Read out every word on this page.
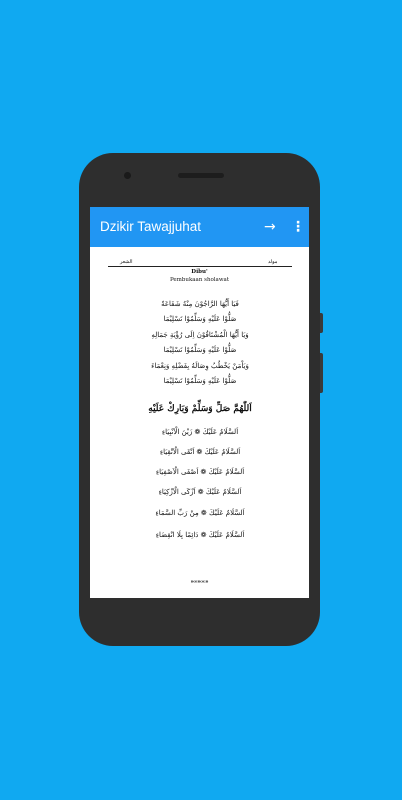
Dzikir Tawajjuhat	→ ⋮
الشعر	مولد
Dibu'
Pembukaan sholawat
فَيَا أَيُّهَا الرَّاجُوْنَ مِنْهُ شَفَاعَةً
صَلُّوْا عَلَيْهِ وَسَلِّمُوْا تَسْلِيْمَا
وَيَا أَيُّهَا الْمُشْتَاقُوْنَ اِلَى رُؤْيَةِ جَمَالِهِ
صَلُّوْا عَلَيْهِ وَسَلِّمُوْا تَسْلِيْمَا
وَيَاْمَنْ يَخْطُبُ وِصَالَهُ بِفَضْلِهِ وَنِعْمَاءَ
صَلُّوْا عَلَيْهِ وَسَلِّمُوْا تَسْلِيْمَا
اَللّٰهُمَّ صَلِّ وَسَلِّمْ وَبَارِكْ عَلَيْهِ
اَلسَّلَامُ عَلَيْكَ ❁ زَيْنَ الْاَنْبِيَاءِ
اَلسَّلَامُ عَلَيْكَ ❁ اَتْقَى الْاَتْقِيَاءِ
اَلسَّلَامُ عَلَيْكَ ❁ اَصْفَى الْاَصْفِيَاءِ
اَلسَّلَامُ عَلَيْكَ ❁ اَزْكَى الْاَزْكِيَاءِ
اَلسَّلَامُ عَلَيْكَ ❁ مِنْ رَبِّ السَّمَاءِ
اَلسَّلَامُ عَلَيْكَ ❁ دَائِمًا بِلَا انْقِضَاءِ
ᴮᴼᴵᴿᴼᴳᴮ
